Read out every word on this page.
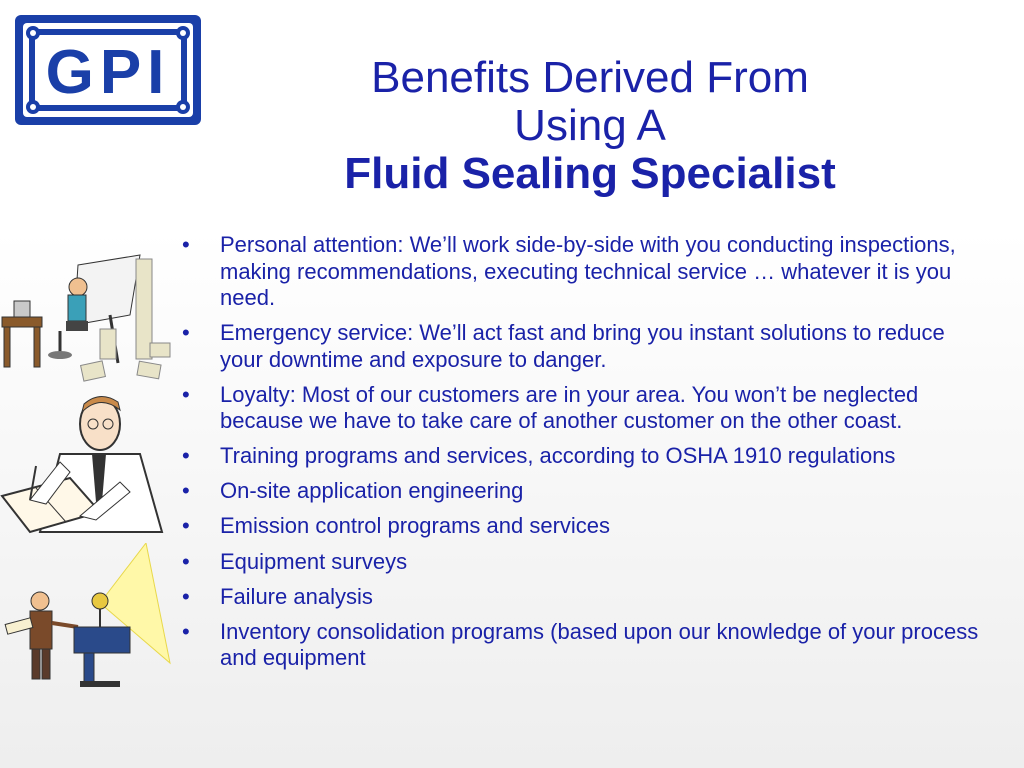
GPI	Benefits Derived From
Using A
Fluid Sealing Specialist
• Personal attention: We’ll work side-by-side with you conducting inspections, making recommendations, executing technical service … whatever it is you need.
• Emergency service: We’ll act fast and bring you instant solutions to reduce your downtime and exposure to danger.
• Loyalty: Most of our customers are in your area. You won’t be neglected because we have to take care of another customer on the other coast.
• Training programs and services, according to OSHA 1910 regulations
• On-site application engineering
• Emission control programs and services
• Equipment surveys
• Failure analysis
• Inventory consolidation programs (based upon our knowledge of your process and equipment
